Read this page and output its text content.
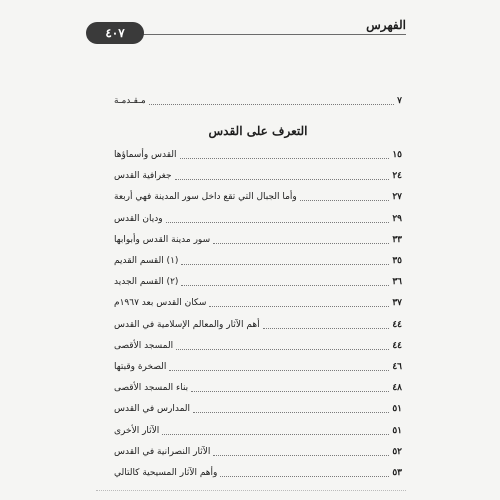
٤٠٧
الفهرس
مـقـدمـة	٧
التعرف على القدس
القدس وأسماؤها	١٥
جغرافية القدس	٢٤
وأما الجبال التي تقع داخل سور المدينة فهي أربعة	٢٧
وديان القدس	٢٩
سور مدينة القدس وأبوابها	٣٣
(١) القسم القديم	٣٥
(٢) القسم الجديد	٣٦
سكان القدس بعد ١٩٦٧م	٣٧
أهم الآثار والمعالم الإسلامية في القدس	٤٤
المسجد الأقصى	٤٤
الصخرة وقبتها	٤٦
بناء المسجد الأقصى	٤٨
المدارس في القدس	٥١
الآثار الأخرى	٥١
الآثار النصرانية في القدس	٥٢
وأهم الآثار المسيحية كالتالي	٥٣
